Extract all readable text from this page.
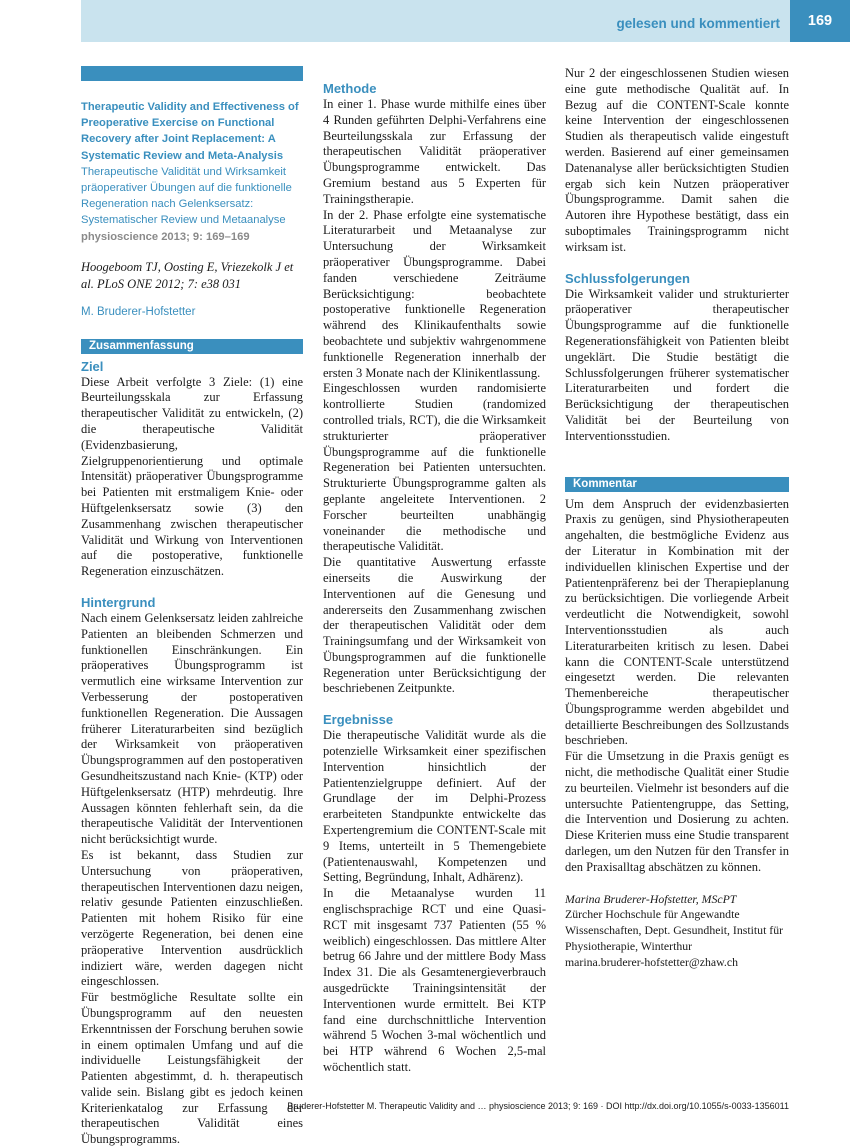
gelesen und kommentiert	169

Therapeutic Validity and Effectiveness of Preoperative Exercise on Functional Recovery after Joint Replacement: A Systematic Review and Meta-Analysis

Therapeutische Validität und Wirksamkeit präoperativer Übungen auf die funktionelle Regeneration nach Gelenksersatz: Systematischer Review und Metaanalyse

physioscience 2013; 9: 169–169

Hoogeboom TJ, Oosting E, Vriezekolk J et al. PLoS ONE 2012; 7: e38 031

M. Bruderer-Hofstetter

Zusammenfassung
Ziel

Diese Arbeit verfolgte 3 Ziele: (1) eine Beurteilungsskala zur Erfassung therapeutischer Validität zu entwickeln, (2) die therapeutische Validität (Evidenzbasierung, Zielgruppenorientierung und optimale Intensität) präoperativer Übungsprogramme bei Patienten mit erstmaligem Knie- oder Hüftgelenksersatz sowie (3) den Zusammenhang zwischen therapeutischer Validität und Wirkung von Interventionen auf die postoperative, funktionelle Regeneration einzuschätzen.

Hintergrund

Nach einem Gelenksersatz leiden zahlreiche Patienten an bleibenden Schmerzen und funktionellen Einschränkungen. Ein präoperatives Übungsprogramm ist vermutlich eine wirksame Intervention zur Verbesserung der postoperativen funktionellen Regeneration. Die Aussagen früherer Literaturarbeiten sind bezüglich der Wirksamkeit von präoperativen Übungsprogrammen auf den postoperativen Gesundheitszustand nach Knie- (KTP) oder Hüftgelenksersatz (HTP) mehrdeutig. Ihre Aussagen könnten fehlerhaft sein, da die therapeutische Validität der Interventionen nicht berücksichtigt wurde.

Es ist bekannt, dass Studien zur Untersuchung von präoperativen, therapeutischen Interventionen dazu neigen, relativ gesunde Patienten einzuschließen. Patienten mit hohem Risiko für eine verzögerte Regeneration, bei denen eine präoperative Intervention ausdrücklich indiziert wäre, werden dagegen nicht eingeschlossen.

Für bestmögliche Resultate sollte ein Übungsprogramm auf den neuesten Erkenntnissen der Forschung beruhen sowie in einem optimalen Umfang und auf die individuelle Leistungsfähigkeit der Patienten abgestimmt, d. h. therapeutisch valide sein. Bislang gibt es jedoch keinen Kriterienkatalog zur Erfassung der therapeutischen Validität eines Übungsprogramms.

Methode

In einer 1. Phase wurde mithilfe eines über 4 Runden geführten Delphi-Verfahrens eine Beurteilungsskala zur Erfassung der therapeutischen Validität präoperativer Übungsprogramme entwickelt. Das Gremium bestand aus 5 Experten für Trainingstherapie.

In der 2. Phase erfolgte eine systematische Literaturarbeit und Metaanalyse zur Untersuchung der Wirksamkeit präoperativer Übungsprogramme. Dabei fanden verschiedene Zeiträume Berücksichtigung: beobachtete postoperative funktionelle Regeneration während des Klinikaufenthalts sowie beobachtete und subjektiv wahrgenommene funktionelle Regeneration innerhalb der ersten 3 Monate nach der Klinikentlassung.

Eingeschlossen wurden randomisierte kontrollierte Studien (randomized controlled trials, RCT), die die Wirksamkeit strukturierter präoperativer Übungsprogramme auf die funktionelle Regeneration bei Patienten untersuchten. Strukturierte Übungsprogramme galten als geplante angeleitete Interventionen. 2 Forscher beurteilten unabhängig voneinander die methodische und therapeutische Validität.

Die quantitative Auswertung erfasste einerseits die Auswirkung der Interventionen auf die Genesung und andererseits den Zusammenhang zwischen der therapeutischen Validität oder dem Trainingsumfang und der Wirksamkeit von Übungsprogrammen auf die funktionelle Regeneration unter Berücksichtigung der beschriebenen Zeitpunkte.

Ergebnisse

Die therapeutische Validität wurde als die potenzielle Wirksamkeit einer spezifischen Intervention hinsichtlich der Patientenzielgruppe definiert. Auf der Grundlage der im Delphi-Prozess erarbeiteten Standpunkte entwickelte das Expertengremium die CONTENT-Scale mit 9 Items, unterteilt in 5 Themengebiete (Patientenauswahl, Kompetenzen und Setting, Begründung, Inhalt, Adhärenz).

In die Metaanalyse wurden 11 englischsprachige RCT und eine Quasi-RCT mit insgesamt 737 Patienten (55 % weiblich) eingeschlossen. Das mittlere Alter betrug 66 Jahre und der mittlere Body Mass Index 31. Die als Gesamtenergieverbrauch ausgedrückte Trainingsintensität der Interventionen wurde ermittelt. Bei KTP fand eine durchschnittliche Intervention während 5 Wochen 3-mal wöchentlich und bei HTP während 6 Wochen 2,5-mal wöchentlich statt.

Nur 2 der eingeschlossenen Studien wiesen eine gute methodische Qualität auf. In Bezug auf die CONTENT-Scale konnte keine Intervention der eingeschlossenen Studien als therapeutisch valide eingestuft werden. Basierend auf einer gemeinsamen Datenanalyse aller berücksichtigten Studien ergab sich kein Nutzen präoperativer Übungsprogramme. Damit sahen die Autoren ihre Hypothese bestätigt, dass ein suboptimales Trainingsprogramm nicht wirksam ist.

Schlussfolgerungen

Die Wirksamkeit valider und strukturierter präoperativer therapeutischer Übungsprogramme auf die funktionelle Regenerationsfähigkeit von Patienten bleibt ungeklärt. Die Studie bestätigt die Schlussfolgerungen früherer systematischer Literaturarbeiten und fordert die Berücksichtigung der therapeutischen Validität bei der Beurteilung von Interventionsstudien.

Kommentar

Um dem Anspruch der evidenzbasierten Praxis zu genügen, sind Physiotherapeuten angehalten, die bestmögliche Evidenz aus der Literatur in Kombination mit der individuellen klinischen Expertise und der Patientenpräferenz bei der Therapieplanung zu berücksichtigen. Die vorliegende Arbeit verdeutlicht die Notwendigkeit, sowohl Interventionsstudien als auch Literaturarbeiten kritisch zu lesen. Dabei kann die CONTENT-Scale unterstützend eingesetzt werden. Die relevanten Themenbereiche therapeutischer Übungsprogramme werden abgebildet und detaillierte Beschreibungen des Sollzustands beschrieben.

Für die Umsetzung in die Praxis genügt es nicht, die methodische Qualität einer Studie zu beurteilen. Vielmehr ist besonders auf die untersuchte Patientengruppe, das Setting, die Intervention und Dosierung zu achten. Diese Kriterien muss eine Studie transparent darlegen, um den Nutzen für den Transfer in den Praxisalltag abschätzen zu können.

Marina Bruderer-Hofstetter, MScPT

Zürcher Hochschule für Angewandte Wissenschaften, Dept. Gesundheit, Institut für Physiotherapie, Winterthur

marina.bruderer-hofstetter@zhaw.ch

Bruderer-Hofstetter M. Therapeutic Validity and … physioscience 2013; 9: 169 · DOI http://dx.doi.org/10.1055/s-0033-1356011
